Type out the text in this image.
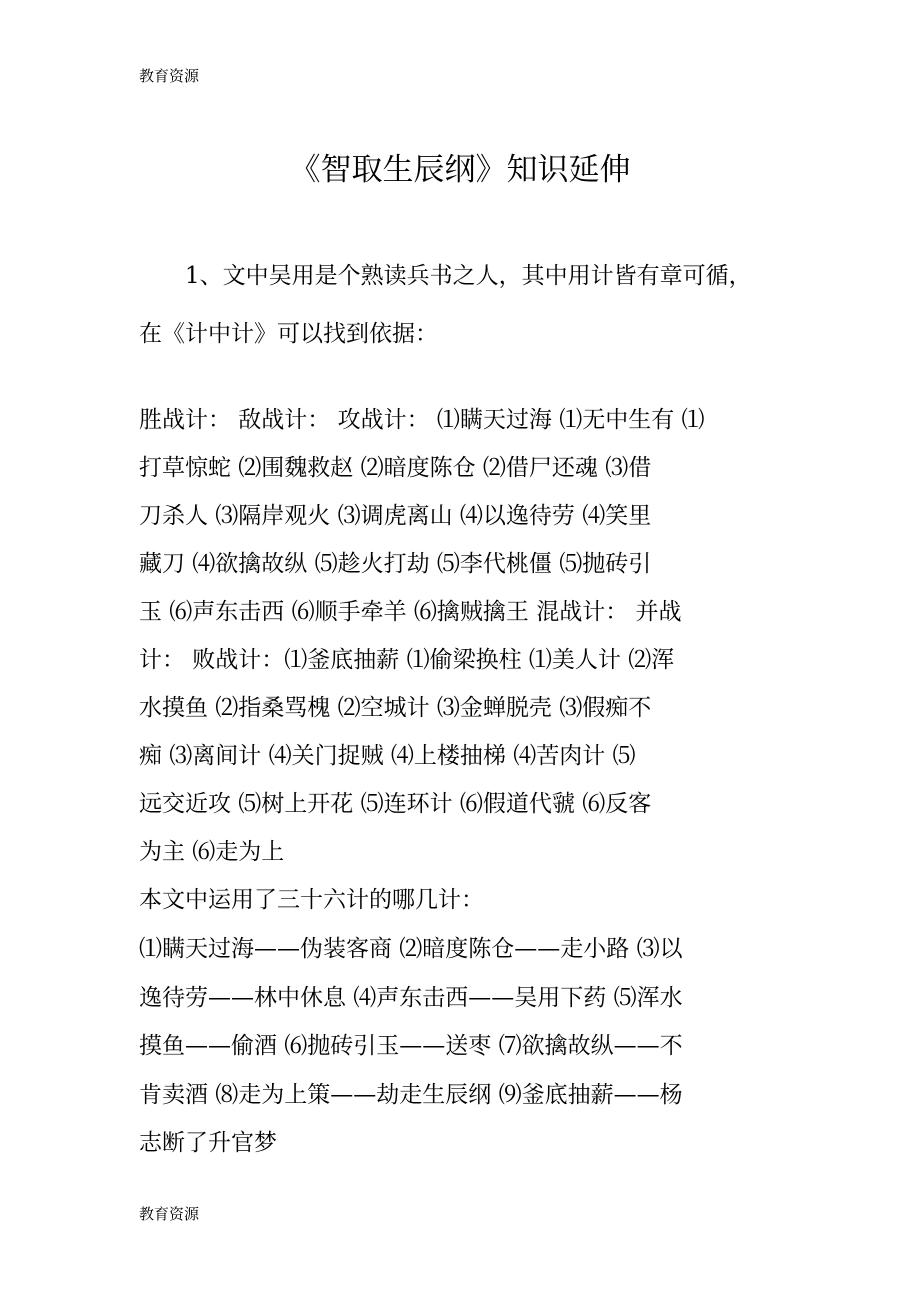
教育资源
《智取生辰纲》知识延伸
　　1、文中吴用是个熟读兵书之人，其中用计皆有章可循，
在《计中计》可以找到依据：
胜战计： 敌战计： 攻战计： ⑴瞒天过海 ⑴无中生有 ⑴
打草惊蛇 ⑵围魏救赵 ⑵暗度陈仓 ⑵借尸还魂 ⑶借
刀杀人 ⑶隔岸观火 ⑶调虎离山 ⑷以逸待劳 ⑷笑里
藏刀 ⑷欲擒故纵 ⑸趁火打劫 ⑸李代桃僵 ⑸抛砖引
玉 ⑹声东击西 ⑹顺手牵羊 ⑹擒贼擒王 混战计： 并战
计： 败战计：⑴釜底抽薪 ⑴偷梁换柱 ⑴美人计 ⑵浑
水摸鱼 ⑵指桑骂槐 ⑵空城计 ⑶金蝉脱壳 ⑶假痴不
痴 ⑶离间计 ⑷关门捉贼 ⑷上楼抽梯 ⑷苦肉计 ⑸
远交近攻 ⑸树上开花 ⑸连环计 ⑹假道代虢 ⑹反客
为主 ⑹走为上
本文中运用了三十六计的哪几计：
⑴瞒天过海——伪装客商 ⑵暗度陈仓——走小路 ⑶以
逸待劳——林中休息 ⑷声东击西——吴用下药 ⑸浑水
摸鱼——偷酒 ⑹抛砖引玉——送枣 ⑺欲擒故纵——不
肯卖酒 ⑻走为上策——劫走生辰纲 ⑼釜底抽薪——杨
志断了升官梦
教育资源
